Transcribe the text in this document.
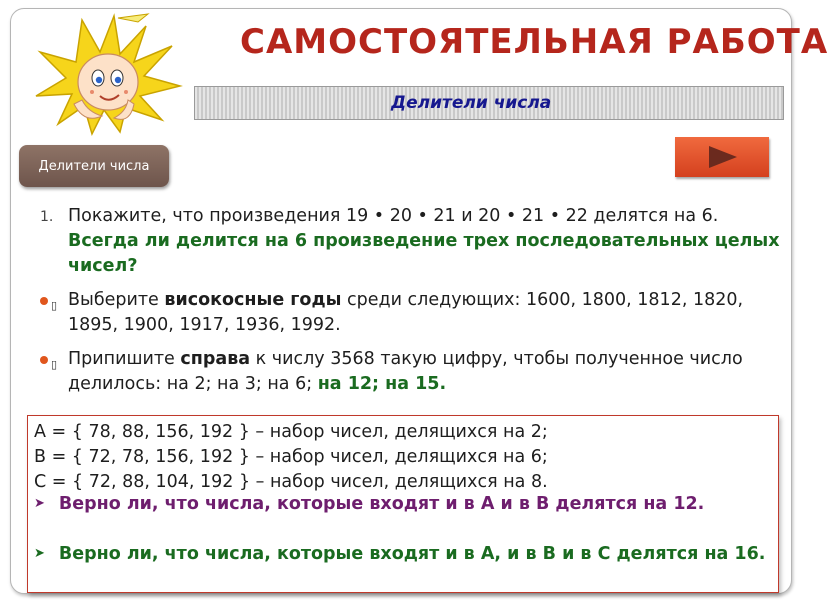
САМОСТОЯТЕЛЬНАЯ РАБОТА
Делители числа
Делители числа
1. Покажите, что произведения 19 • 20 • 21 и 20 • 21 • 22 делятся на 6. Всегда ли делится на 6 произведение трех последовательных целых чисел?
▯ Выберите високосные годы среди следующих: 1600, 1800, 1812, 1820, 1895, 1900, 1917, 1936, 1992.
▯ Припишите справа к числу 3568 такую цифру, чтобы полученное число делилось: на 2; на 3; на 6; на 12; на 15.
А = { 78, 88, 156, 192 } – набор чисел, делящихся на 2;
В = { 72, 78, 156, 192 } – набор чисел, делящихся на 6;
С = { 72, 88, 104, 192 } – набор чисел, делящихся на 8.
➤ Верно ли, что числа, которые входят и в А и в В делятся на 12.
➤ Верно ли, что числа, которые входят и в А, и в В и в С делятся на 16.
